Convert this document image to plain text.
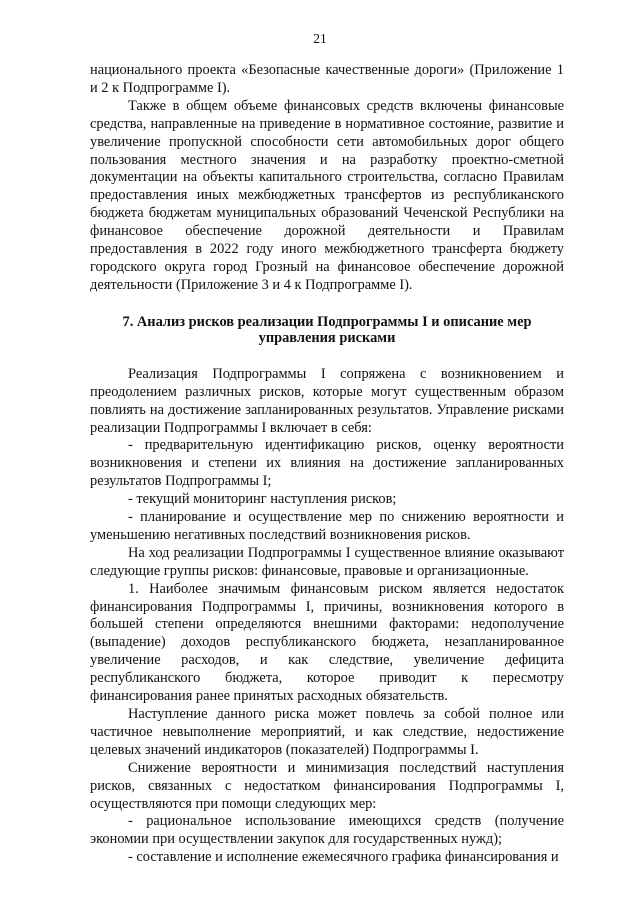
21

национального проекта «Безопасные качественные дороги» (Приложение 1 и 2 к Подпрограмме I).

Также в общем объеме финансовых средств включены финансовые средства, направленные на приведение в нормативное состояние, развитие и увеличение пропускной способности сети автомобильных дорог общего пользования местного значения и на разработку проектно-сметной документации на объекты капитального строительства, согласно Правилам предоставления иных межбюджетных трансфертов из республиканского бюджета бюджетам муниципальных образований Чеченской Республики на финансовое обеспечение дорожной деятельности и Правилам предоставления в 2022 году иного межбюджетного трансферта бюджету городского округа город Грозный на финансовое обеспечение дорожной деятельности (Приложение 3 и 4 к Подпрограмме I).

7. Анализ рисков реализации Подпрограммы I и описание мер управления рисками

Реализация Подпрограммы I сопряжена с возникновением и преодолением различных рисков, которые могут существенным образом повлиять на достижение запланированных результатов. Управление рисками реализации Подпрограммы I включает в себя:

- предварительную идентификацию рисков, оценку вероятности возникновения и степени их влияния на достижение запланированных результатов Подпрограммы I;

- текущий мониторинг наступления рисков;

- планирование и осуществление мер по снижению вероятности и уменьшению негативных последствий возникновения рисков.

На ход реализации Подпрограммы I существенное влияние оказывают следующие группы рисков: финансовые, правовые и организационные.

1. Наиболее значимым финансовым риском является недостаток финансирования Подпрограммы I, причины, возникновения которого в большей степени определяются внешними факторами: недополучение (выпадение) доходов республиканского бюджета, незапланированное увеличение расходов, и как следствие, увеличение дефицита республиканского бюджета, которое приводит к пересмотру финансирования ранее принятых расходных обязательств.

Наступление данного риска может повлечь за собой полное или частичное невыполнение мероприятий, и как следствие, недостижение целевых значений индикаторов (показателей) Подпрограммы I.

Снижение вероятности и минимизация последствий наступления рисков, связанных с недостатком финансирования Подпрограммы I, осуществляются при помощи следующих мер:

- рациональное использование имеющихся средств (получение экономии при осуществлении закупок для государственных нужд);

- составление и исполнение ежемесячного графика финансирования и
